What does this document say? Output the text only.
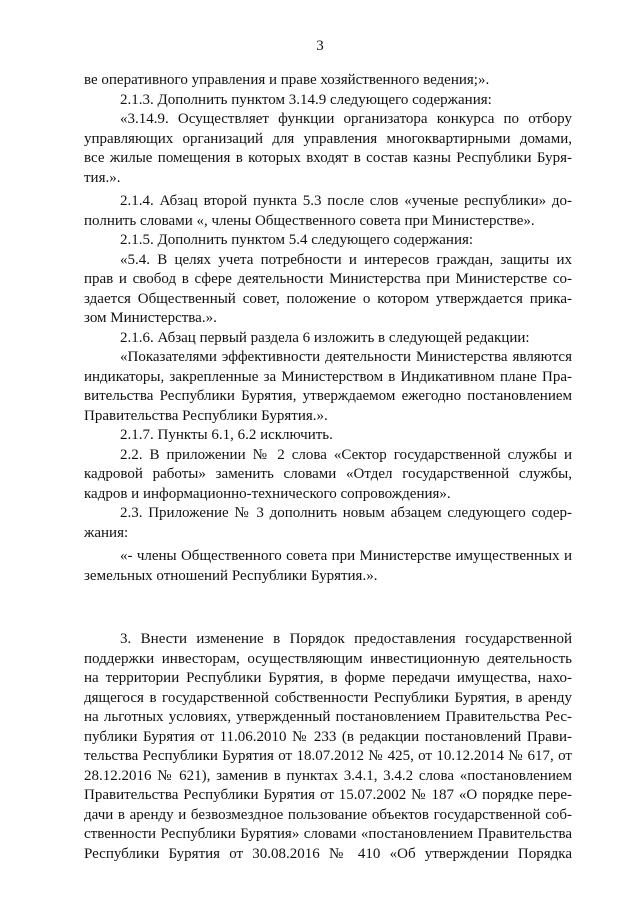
3
ве оперативного управления и праве хозяйственного ведения;».
2.1.3. Дополнить пунктом 3.14.9 следующего содержания:
«3.14.9. Осуществляет функции организатора конкурса по отбору
управляющих организаций для управления многоквартирными домами,
все жилые помещения в которых входят в состав казны Республики Буря-
тия.».
2.1.4. Абзац второй пункта 5.3 после слов «ученые республики» до-
полнить словами «, члены Общественного совета при Министерстве».
2.1.5. Дополнить пунктом 5.4 следующего содержания:
«5.4. В целях учета потребности и интересов граждан, защиты их
прав и свобод в сфере деятельности Министерства при Министерстве со-
здается Общественный совет, положение о котором утверждается прика-
зом Министерства.».
2.1.6. Абзац первый раздела 6 изложить в следующей редакции:
«Показателями эффективности деятельности Министерства являются
индикаторы, закрепленные за Министерством в Индикативном плане Пра-
вительства Республики Бурятия, утверждаемом ежегодно постановлением
Правительства Республики Бурятия.».
2.1.7. Пункты 6.1, 6.2 исключить.
2.2. В приложении № 2 слова «Сектор государственной службы и
кадровой работы» заменить словами «Отдел государственной службы,
кадров и информационно-технического сопровождения».
2.3. Приложение № 3 дополнить новым абзацем следующего содер-
жания:
«- члены Общественного совета при Министерстве имущественных и
земельных отношений Республики Бурятия.».
3. Внести изменение в Порядок предоставления государственной
поддержки инвесторам, осуществляющим инвестиционную деятельность
на территории Республики Бурятия, в форме передачи имущества, нахо-
дящегося в государственной собственности Республики Бурятия, в аренду
на льготных условиях, утвержденный постановлением Правительства Рес-
публики Бурятия от 11.06.2010 № 233 (в редакции постановлений Прави-
тельства Республики Бурятия от 18.07.2012 № 425, от 10.12.2014 № 617, от
28.12.2016 № 621), заменив в пунктах 3.4.1, 3.4.2 слова «постановлением
Правительства Республики Бурятия от 15.07.2002 № 187 «О порядке пере-
дачи в аренду и безвозмездное пользование объектов государственной соб-
ственности Республики Бурятия» словами «постановлением Правительства
Республики Бурятия от 30.08.2016 № 410 «Об утверждении Порядка
